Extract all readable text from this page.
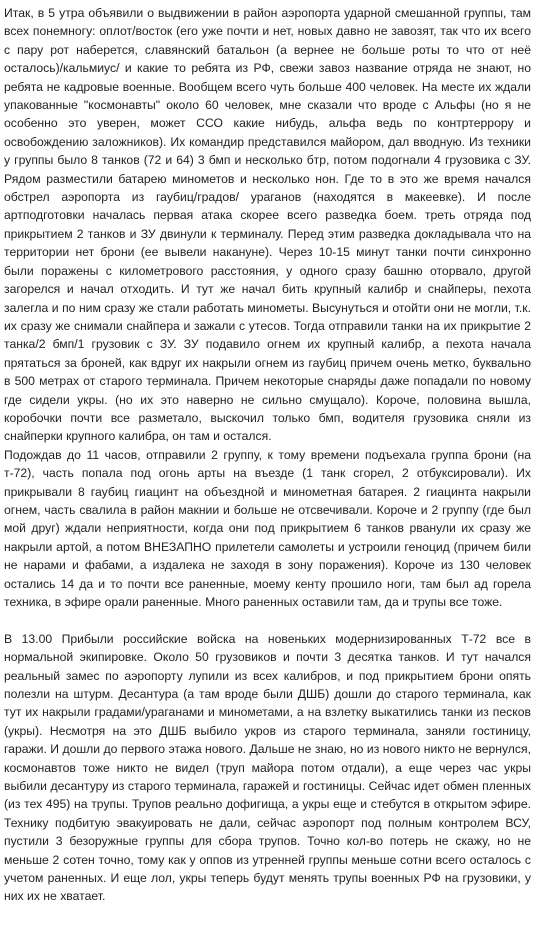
Итак, в 5 утра объявили о выдвижении в район аэропорта ударной смешанной группы, там всех понемногу: оплот/восток (его уже почти и нет, новых давно не завозят, так что их всего с пару рот наберется, славянский батальон (а вернее не больше роты то что от неё осталось)/кальмиус/ и какие то ребята из РФ, свежи завоз название отряда не знают, но ребята не кадровые военные. Вообщем всего чуть больше 400 человек. На месте их ждали упакованные "космонавты" около 60 человек, мне сказали что вроде с Альфы (но я не особенно это уверен, может ССО какие нибудь, альфа ведь по контртеррору и освобождению заложников). Их командир представился майором, дал вводную. Из техники у группы было 8 танков (72 и 64) 3 бмп и несколько бтр, потом подогнали 4 грузовика с ЗУ. Рядом разместили батарею минометов и несколько нон. Где то в это же время начался обстрел аэропорта из гаубиц/градов/ ураганов (находятся в макеевке). И после артподготовки началась первая атака скорее всего разведка боем. треть отряда под прикрытием 2 танков и ЗУ двинули к терминалу. Перед этим разведка докладывала что на территории нет брони (ее вывели накануне). Через 10-15 минут танки почти синхронно были поражены с километрового расстояния, у одного сразу башню оторвало, другой загорелся и начал отходить. И тут же начал бить крупный калибр и снайперы, пехота залегла и по ним сразу же стали работать минометы. Высунуться и отойти они не могли, т.к. их сразу же снимали снайпера и зажали с утесов. Тогда отправили танки на их прикрытие 2 танка/2 бмп/1 грузовик с ЗУ. ЗУ подавило огнем их крупный калибр, а пехота начала прятаться за броней, как вдруг их накрыли огнем из гаубиц причем очень метко, буквально в 500 метрах от старого терминала. Причем некоторые снаряды даже попадали по новому где сидели укры. (но их это наверно не сильно смущало). Короче, половина вышла, коробочки почти все разметало, выскочил только бмп, водителя грузовика сняли из снайперки крупного калибра, он там и остался.

Подождав до 11 часов, отправили 2 группу, к тому времени подъехала группа брони (на т-72), часть попала под огонь арты на въезде (1 танк сгорел, 2 отбуксировали). Их прикрывали 8 гаубиц гиацинт на объездной и минометная батарея. 2 гиацинта накрыли огнем, часть свалила в район макнии и больше не отсвечивали. Короче и 2 группу (где был мой друг) ждали неприятности, когда они под прикрытием 6 танков рванули их сразу же накрыли артой, а потом ВНЕЗАПНО прилетели самолеты и устроили геноцид (причем били не нарами и фабами, а издалека не заходя в зону поражения). Короче из 130 человек остались 14 да и то почти все раненные, моему кенту прошило ноги, там был ад горела техника, в эфире орали раненные. Много раненных оставили там, да и трупы все тоже.

В 13.00 Прибыли российские войска на новеньких модернизированных Т-72 все в нормальной экипировке. Около 50 грузовиков и почти 3 десятка танков. И тут начался реальный замес по аэропорту лупили из всех калибров, и под прикрытием брони опять полезли на штурм. Десантура (а там вроде были ДШБ) дошли до старого терминала, как тут их накрыли градами/ураганами и минометами, а на взлетку выкатились танки из песков (укры). Несмотря на это ДШБ выбило укров из старого терминала, заняли гостиницу, гаражи. И дошли до первого этажа нового. Дальше не знаю, но из нового никто не вернулся, космонавтов тоже никто не видел (труп майора потом отдали), а еще через час укры выбили десантуру из старого терминала, гаражей и гостиницы. Сейчас идет обмен пленных (из тех 495) на трупы. Трупов реально дофигища, а укры еще и стебутся в открытом эфире. Технику подбитую эвакуировать не дали, сейчас аэропорт под полным контролем ВСУ, пустили 3 безоружные группы для сбора трупов. Точно кол-во потерь не скажу, но не меньше 2 сотен точно, тому как у оппов из утренней группы меньше сотни всего осталось с учетом раненных. И еще лол, укры теперь будут менять трупы военных РФ на грузовики, у них их не хватает.
